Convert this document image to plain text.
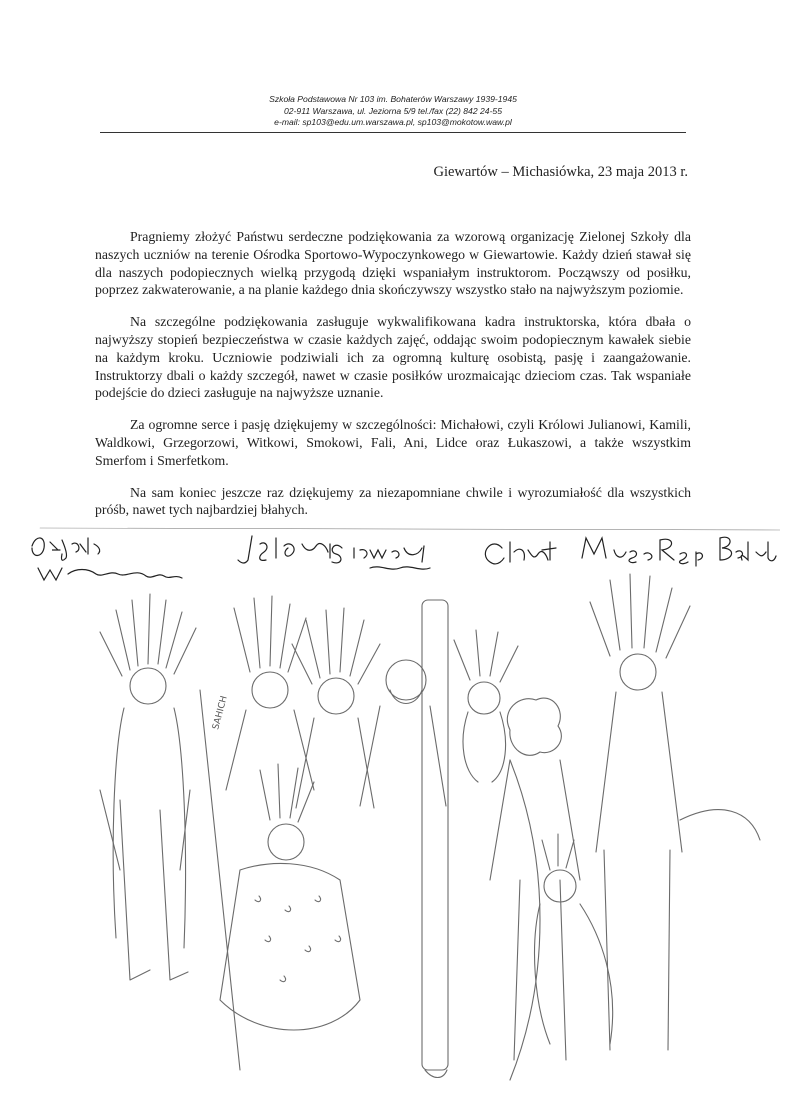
Szkoła Podstawowa Nr 103 im. Bohaterów Warszawy 1939-1945
02-911 Warszawa, ul. Jeziorna 5/9 tel./fax (22) 842 24-55
e-mail: sp103@edu.um.warszawa.pl, sp103@mokotow.waw.pl
Giewartów – Michasiówka, 23 maja 2013 r.

Pragniemy złożyć Państwu serdeczne podziękowania za wzorową organizację Zielonej Szkoły dla naszych uczniów na terenie Ośrodka Sportowo-Wypoczynkowego w Giewartowie. Każdy dzień stawał się dla naszych podopiecznych wielką przygodą dzięki wspaniałym instruktorom. Począwszy od posiłku, poprzez zakwaterowanie, a na planie każdego dnia skończywszy wszystko stało na najwyższym poziomie.

Na szczególne podziękowania zasługuje wykwalifikowana kadra instruktorska, która dbała o najwyższy stopień bezpieczeństwa w czasie każdych zajęć, oddając swoim podopiecznym kawałek siebie na każdym kroku. Uczniowie podziwiali ich za ogromną kulturę osobistą, pasję i zaangażowanie. Instruktorzy dbali o każdy szczegół, nawet w czasie posiłków urozmaicając dzieciom czas. Tak wspaniałe podejście do dzieci zasługuje na najwyższe uznanie.

Za ogromne serce i pasję dziękujemy w szczególności: Michałowi, czyli Królowi Julianowi, Kamili, Waldkowi, Grzegorzowi, Witkowi, Smokowi, Fali, Ani, Lidce oraz Łukaszowi, a także wszystkim Smerfom i Smerfetkom.

Na sam koniec jeszcze raz dziękujemy za niezapomniane chwile i wyrozumiałość dla wszystkich próśb, nawet tych najbardziej błahych.

SAHICH
